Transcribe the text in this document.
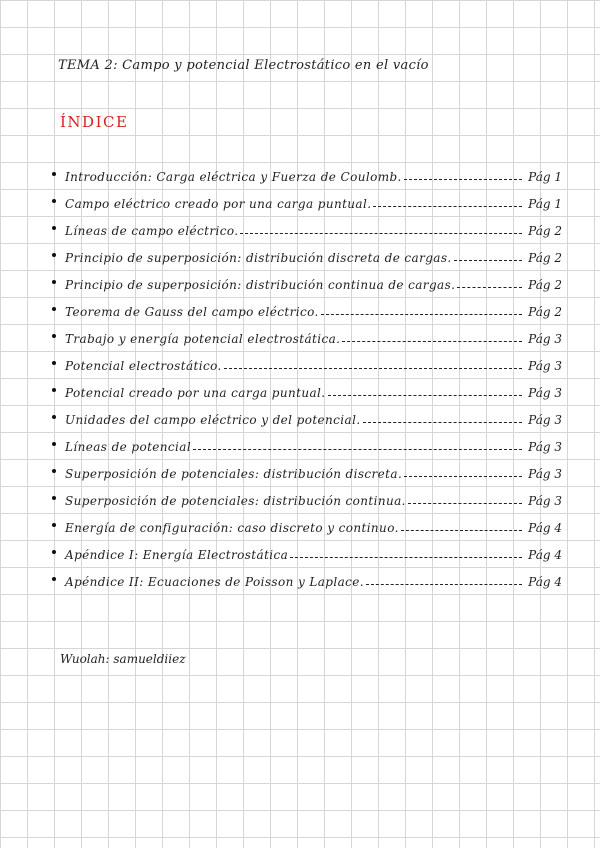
TEMA 2: Campo y potencial Electrostático en el vacío
ÍNDICE
Introducción: Carga eléctrica y Fuerza de Coulomb.	Pág 1
Campo eléctrico creado por una carga puntual.	Pág 1
Líneas de campo eléctrico.	Pág 2
Principio de superposición: distribución discreta de cargas.	Pág 2
Principio de superposición: distribución continua de cargas.	Pág 2
Teorema de Gauss del campo eléctrico.	Pág 2
Trabajo y energía potencial electrostática.	Pág 3
Potencial electrostático.	Pág 3
Potencial creado por una carga puntual.	Pág 3
Unidades del campo eléctrico y del potencial.	Pág 3
Líneas de potencial	Pág 3
Superposición de potenciales: distribución discreta.	Pág 3
Superposición de potenciales: distribución continua.	Pág 3
Energía de configuración: caso discreto y continuo.	Pág 4
Apéndice I: Energía Electrostática	Pág 4
Apéndice II: Ecuaciones de Poisson y Laplace.	Pág 4
Wuolah: samueldiiez
